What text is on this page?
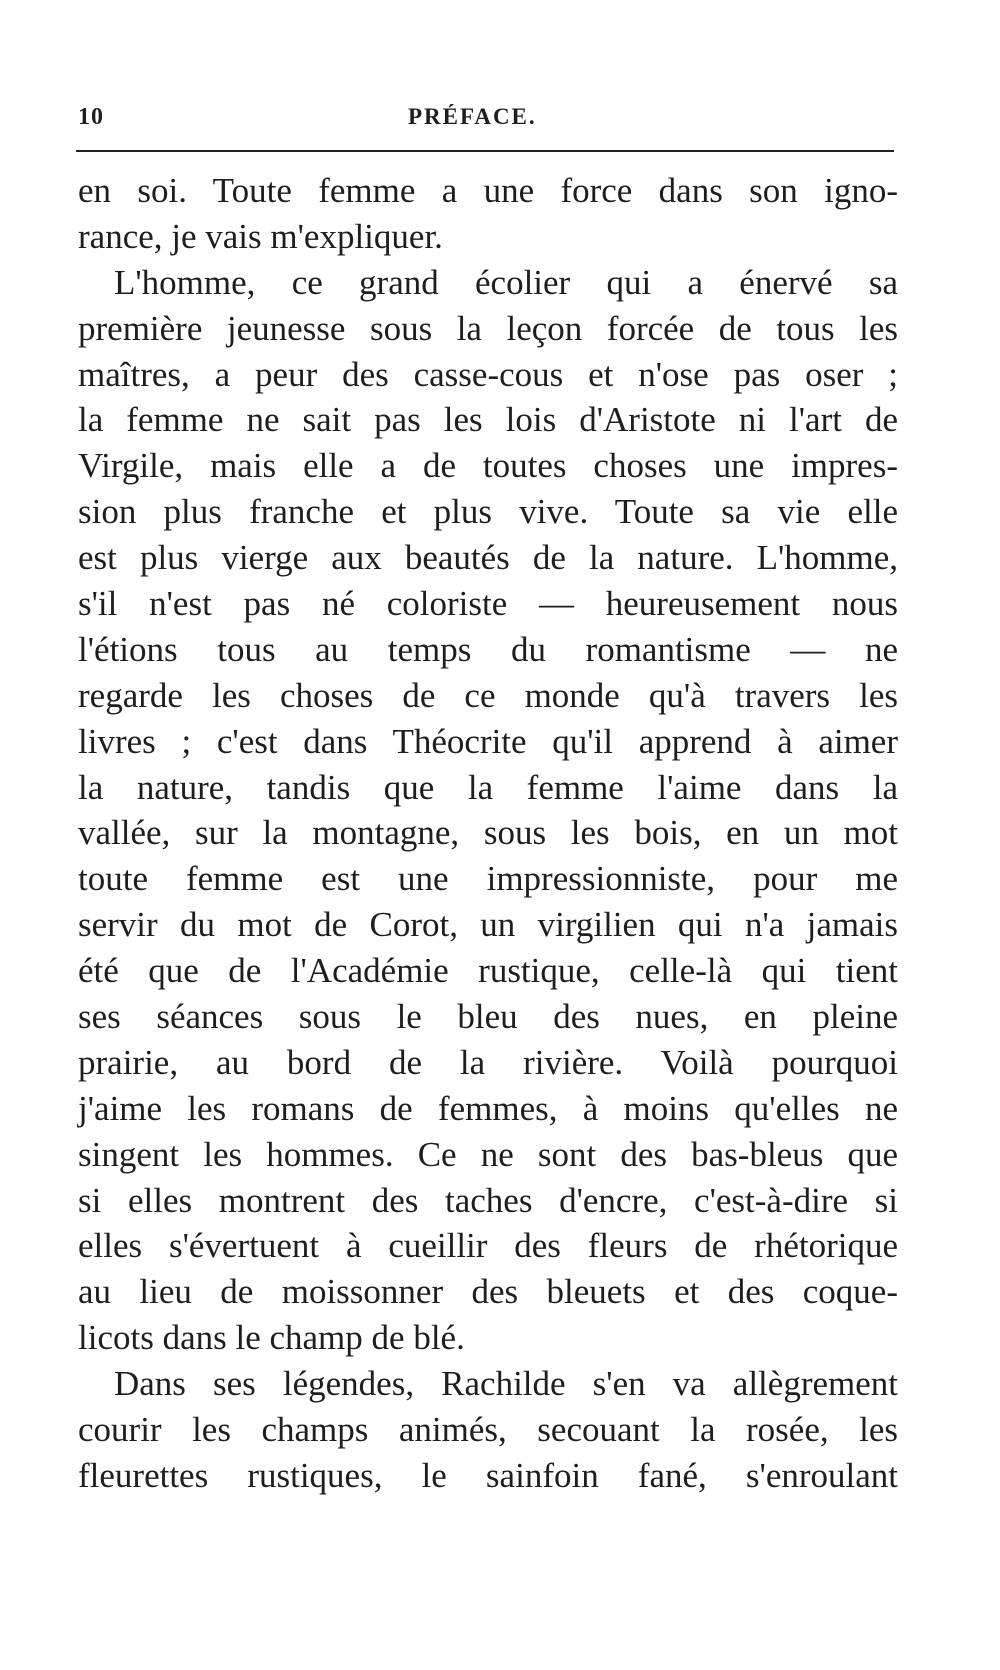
10	PRÉFACE.
en soi. Toute femme a une force dans son igno-
rance, je vais m'expliquer.
L'homme, ce grand écolier qui a énervé sa
première jeunesse sous la leçon forcée de tous les
maîtres, a peur des casse-cous et n'ose pas oser ;
la femme ne sait pas les lois d'Aristote ni l'art de
Virgile, mais elle a de toutes choses une impres-
sion plus franche et plus vive. Toute sa vie elle
est plus vierge aux beautés de la nature. L'homme,
s'il n'est pas né coloriste — heureusement nous
l'étions tous au temps du romantisme — ne
regarde les choses de ce monde qu'à travers les
livres ; c'est dans Théocrite qu'il apprend à aimer
la nature, tandis que la femme l'aime dans la
vallée, sur la montagne, sous les bois, en un mot
toute femme est une impressionniste, pour me
servir du mot de Corot, un virgilien qui n'a jamais
été que de l'Académie rustique, celle-là qui tient
ses séances sous le bleu des nues, en pleine
prairie, au bord de la rivière. Voilà pourquoi
j'aime les romans de femmes, à moins qu'elles ne
singent les hommes. Ce ne sont des bas-bleus que
si elles montrent des taches d'encre, c'est-à-dire si
elles s'évertuent à cueillir des fleurs de rhétorique
au lieu de moissonner des bleuets et des coque-
licots dans le champ de blé.
Dans ses légendes, Rachilde s'en va allègrement
courir les champs animés, secouant la rosée, les
fleurettes rustiques, le sainfoin fané, s'enroulant
